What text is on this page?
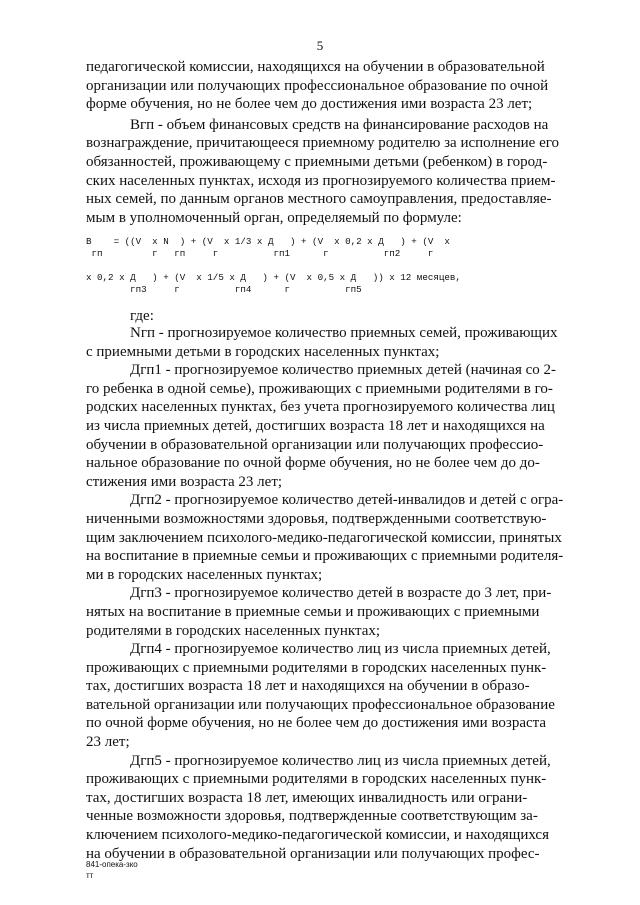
5

педагогической комиссии, находящихся на обучении в образовательной
организации или получающих профессиональное образование по очной
форме обучения, но не более чем до достижения ими возраста 23 лет;

Вгп - объем финансовых средств на финансирование расходов на
вознаграждение, причитающееся приемному родителю за исполнение его
обязанностей, проживающему с приемными детьми (ребенком) в город-
ских населенных пунктах, исходя из прогнозируемого количества прием-
ных семей, по данным органов местного самоуправления, предоставляе-
мым в уполномоченный орган, определяемый по формуле:

В    = ((V  x N  ) + (V  x 1/3 x Д   ) + (V  x 0,2 x Д   ) + (V  x
гп         г   гп     г          гп1      г          гп2     г

x 0,2 x Д   ) + (V  x 1/5 x Д   ) + (V  x 0,5 x Д   )) x 12 месяцев,
гп3     г          гп4      г          гп5
где:

Nгп - прогнозируемое количество приемных семей, проживающих
с приемными детьми в городских населенных пунктах;

Дгп1 - прогнозируемое количество приемных детей (начиная со 2-
го ребенка в одной семье), проживающих с приемными родителями в го-
родских населенных пунктах, без учета прогнозируемого количества лиц
из числа приемных детей, достигших возраста 18 лет и находящихся на
обучении в образовательной организации или получающих профессио-
нальное образование по очной форме обучения, но не более чем до до-
стижения ими возраста 23 лет;

Дгп2 - прогнозируемое количество детей-инвалидов и детей с огра-
ниченными возможностями здоровья, подтвержденными соответствую-
щим заключением психолого-медико-педагогической комиссии, принятых
на воспитание в приемные семьи и проживающих с приемными родителя-
ми в городских населенных пунктах;

Дгп3 - прогнозируемое количество детей в возрасте до 3 лет, при-
нятых на воспитание в приемные семьи и проживающих с приемными
родителями в городских населенных пунктах;

Дгп4 - прогнозируемое количество лиц из числа приемных детей,
проживающих с приемными родителями в городских населенных пунк-
тах, достигших возраста 18 лет и находящихся на обучении в образо-
вательной организации или получающих профессиональное образование
по очной форме обучения, но не более чем до достижения ими возраста
23 лет;

Дгп5 - прогнозируемое количество лиц из числа приемных детей,
проживающих с приемными родителями в городских населенных пунк-
тах, достигших возраста 18 лет, имеющих инвалидность или ограни-
ченные возможности здоровья, подтвержденные соответствующим за-
ключением психолого-медико-педагогической комиссии, и находящихся
на обучении в образовательной организации или получающих профес-

841-опека-зко
тт
